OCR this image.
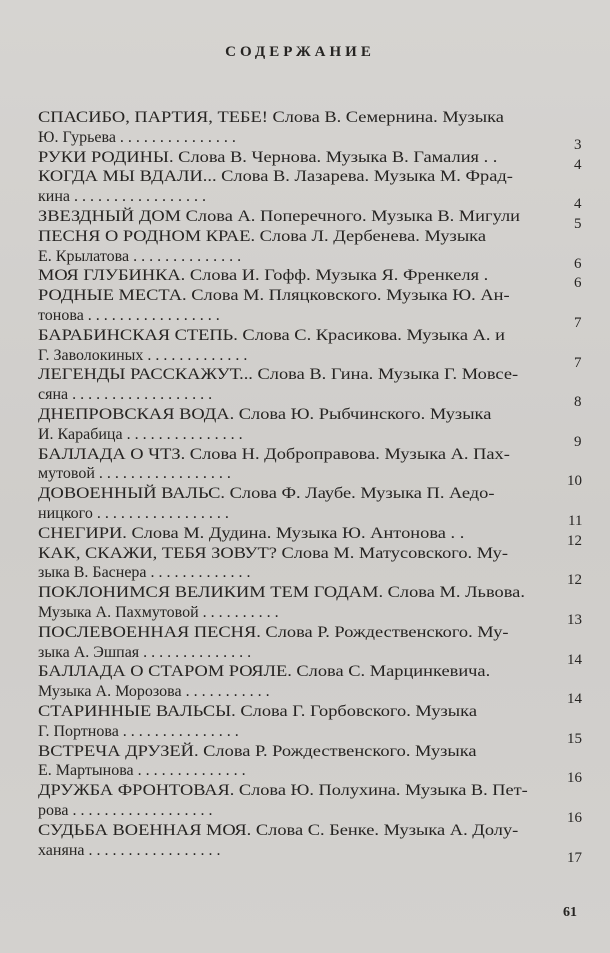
СОДЕРЖАНИЕ
СПАСИБО, ПАРТИЯ, ТЕБЕ! Слова В. Семернина. Музыка
Ю. Гурьева . . . . . . . . . . . . . . .	3
РУКИ РОДИНЫ. Слова В. Чернова. Музыка В. Гамалия . .	4
КОГДА МЫ ВДАЛИ... Слова В. Лазарева. Музыка М. Фрад-
кина . . . . . . . . . . . . . . . . .	4
ЗВЕЗДНЫЙ ДОМ Слова А. Поперечного. Музыка В. Мигули	5
ПЕСНЯ О РОДНОМ КРАЕ. Слова Л. Дербенева. Музыка
Е. Крылатова . . . . . . . . . . . . . .	6
МОЯ ГЛУБИНКА. Слова И. Гофф. Музыка Я. Френкеля .	6
РОДНЫЕ МЕСТА. Слова М. Пляцковского. Музыка Ю. Ан-
тонова . . . . . . . . . . . . . . . . .	7
БАРАБИНСКАЯ СТЕПЬ. Слова С. Красикова. Музыка А. и
Г. Заволокиных . . . . . . . . . . . . .	7
ЛЕГЕНДЫ РАССКАЖУТ... Слова В. Гина. Музыка Г. Мовсе-
сяна . . . . . . . . . . . . . . . . . .	8
ДНЕПРОВСКАЯ ВОДА. Слова Ю. Рыбчинского. Музыка
И. Карабица . . . . . . . . . . . . . . .	9
БАЛЛАДА О ЧТЗ. Слова Н. Доброправова. Музыка А. Пах-
мутовой . . . . . . . . . . . . . . . . .	10
ДОВОЕННЫЙ ВАЛЬС. Слова Ф. Лаубе. Музыка П. Аедо-
ницкого . . . . . . . . . . . . . . . . .	11
СНЕГИРИ. Слова М. Дудина. Музыка Ю. Антонова . .	12
КАК, СКАЖИ, ТЕБЯ ЗОВУТ? Слова М. Матусовского. Му-
зыка В. Баснера . . . . . . . . . . . . .	12
ПОКЛОНИМСЯ ВЕЛИКИМ ТЕМ ГОДАМ. Слова М. Львова.
Музыка А. Пахмутовой . . . . . . . . . .	13
ПОСЛЕВОЕННАЯ ПЕСНЯ. Слова Р. Рождественского. Му-
зыка А. Эшпая . . . . . . . . . . . . . .	14
БАЛЛАДА О СТАРОМ РОЯЛЕ. Слова С. Марцинкевича.
Музыка А. Морозова . . . . . . . . . . .	14
СТАРИННЫЕ ВАЛЬСЫ. Слова Г. Горбовского. Музыка
Г. Портнова . . . . . . . . . . . . . . .	15
ВСТРЕЧА ДРУЗЕЙ. Слова Р. Рождественского. Музыка
Е. Мартынова . . . . . . . . . . . . . .	16
ДРУЖБА ФРОНТОВАЯ. Слова Ю. Полухина. Музыка В. Пет-
рова . . . . . . . . . . . . . . . . . .	16
СУДЬБА ВОЕННАЯ МОЯ. Слова С. Бенке. Музыка А. Долу-
ханяна . . . . . . . . . . . . . . . . .	17
61
